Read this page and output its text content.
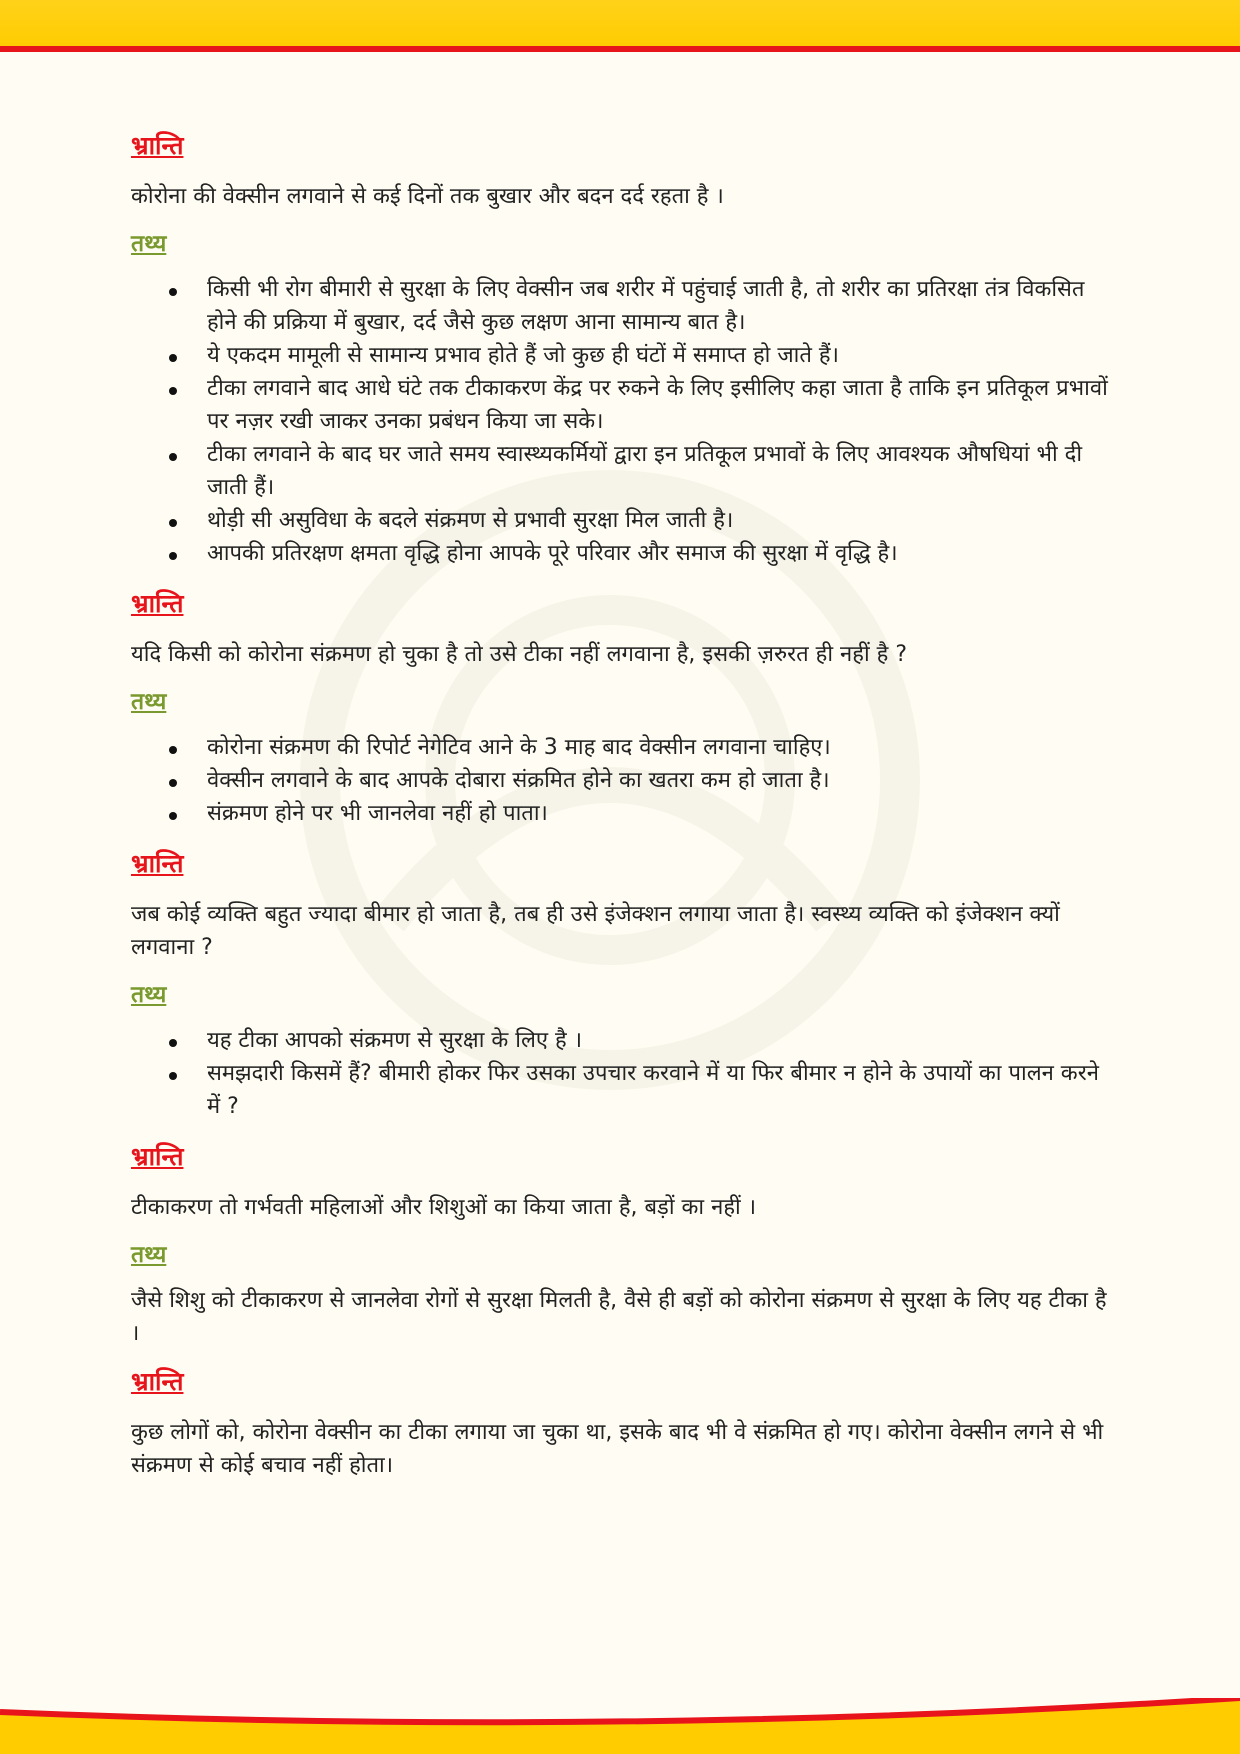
भ्रान्ति

कोरोना की वेक्सीन लगवाने से कई दिनों तक बुखार और बदन दर्द रहता है ।

तथ्य
किसी भी रोग बीमारी से सुरक्षा के लिए वेक्सीन जब शरीर में पहुंचाई जाती है, तो शरीर का प्रतिरक्षा तंत्र विकसित होने की प्रक्रिया में बुखार, दर्द जैसे कुछ लक्षण आना सामान्य बात है।
ये एकदम मामूली से सामान्य प्रभाव होते हैं जो कुछ ही घंटों में समाप्त हो जाते हैं।
टीका लगवाने बाद आधे घंटे तक टीकाकरण केंद्र पर रुकने के लिए इसीलिए कहा जाता है ताकि इन प्रतिकूल प्रभावों पर नज़र रखी जाकर उनका प्रबंधन किया जा सके।
टीका लगवाने के बाद घर जाते समय स्वास्थ्यकर्मियों द्वारा इन प्रतिकूल प्रभावों के लिए आवश्यक औषधियां भी दी जाती हैं।
थोड़ी सी असुविधा के बदले संक्रमण से प्रभावी सुरक्षा मिल जाती है।
आपकी प्रतिरक्षण क्षमता वृद्धि होना आपके पूरे परिवार और समाज की सुरक्षा में वृद्धि है।
भ्रान्ति

यदि किसी को कोरोना संक्रमण हो चुका है तो उसे टीका नहीं लगवाना है, इसकी ज़रुरत ही नहीं है ?

तथ्य
कोरोना संक्रमण की रिपोर्ट नेगेटिव आने के 3 माह बाद वेक्सीन लगवाना चाहिए।
वेक्सीन लगवाने के बाद आपके दोबारा संक्रमित होने का खतरा कम हो जाता है।
संक्रमण होने पर भी जानलेवा नहीं हो पाता।
भ्रान्ति

जब कोई व्यक्ति बहुत ज्यादा बीमार हो जाता है, तब ही उसे इंजेक्शन लगाया जाता है। स्वस्थ्य व्यक्ति को इंजेक्शन क्यों लगवाना ?

तथ्य
यह टीका आपको संक्रमण से सुरक्षा के लिए है ।
समझदारी किसमें हैं? बीमारी होकर फिर उसका उपचार करवाने में या फिर बीमार न होने के उपायों का पालन करने में ?
भ्रान्ति

टीकाकरण तो गर्भवती महिलाओं और शिशुओं का किया जाता है, बड़ों का नहीं ।

तथ्य

जैसे शिशु को टीकाकरण से जानलेवा रोगों से सुरक्षा मिलती है, वैसे ही बड़ों को कोरोना संक्रमण से सुरक्षा के लिए यह टीका है ।

भ्रान्ति

कुछ लोगों को, कोरोना वेक्सीन का टीका लगाया जा चुका था, इसके बाद भी वे संक्रमित हो गए। कोरोना वेक्सीन लगने से भी संक्रमण से कोई बचाव नहीं होता।
